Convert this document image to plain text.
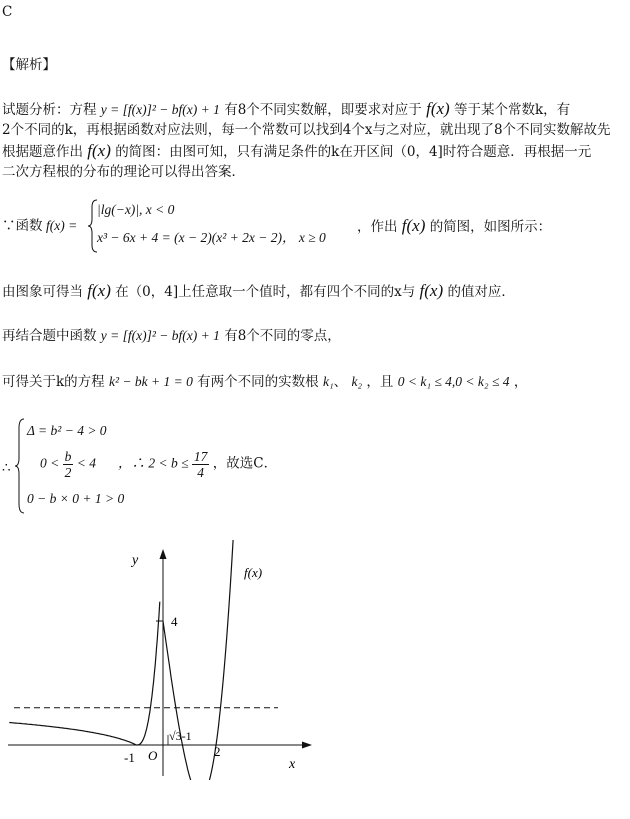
C
【解析】
试题分析：方程 y = [f(x)]² − bf(x) + 1 有8个不同实数解，即要求对应于 f(x) 等于某个常数k，有
2个不同的k，再根据函数对应法则，每一个常数可以找到4个x与之对应，就出现了8个不同实数解故先
根据题意作出 f(x) 的简图：由图可知，只有满足条件的k在开区间（0，4]时符合题意．再根据一元
二次方程根的分布的理论可以得出答案．
∵函数 f(x) =
|lg(−x)|, x < 0
x³ − 6x + 4 = (x − 2)(x² + 2x − 2)， x ≥ 0
，作出 f(x) 的简图，如图所示：
由图象可得当 f(x) 在（0，4]上任意取一个值时，都有四个不同的x与 f(x) 的值对应．
再结合题中函数 y = [f(x)]² − bf(x) + 1 有8个不同的零点，
可得关于k的方程 k² − bk + 1 = 0 有两个不同的实数根 k₁、 k₂ ，且 0 < k₁ ≤ 4,0 < k₂ ≤ 4 ，
∴
Δ = b² − 4 > 0
$0 < \frac{b}{2} < 4$
0 − b × 0 + 1 > 0
，∴ $2 < b \le \frac{17}{4}$ ，故选C．
y
x
f(x)
O
4
-1	2
√3-1
